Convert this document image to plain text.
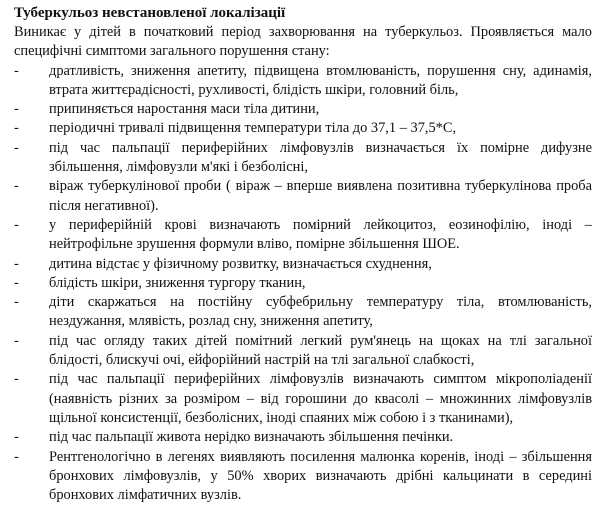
Туберкульоз невстановленої локалізації

Виникає у дітей в початковий період захворювання на туберкульоз. Проявляється мало специфічні симптоми загального порушення стану:

- дратливість, зниження апетиту, підвищена втомлюваність, порушення сну, адинамія, втрата життєрадісності, рухливості, блідість шкіри, головний біль,
- припиняється наростання маси тіла дитини,
- періодичні тривалі підвищення температури тіла до 37,1 – 37,5*С,
- під час пальпації периферійних лімфовузлів визначається їх помірне дифузне збільшення, лімфовузли м'які і безболісні,
- віраж туберкулінової проби ( віраж – вперше виявлена позитивна туберкулінова проба після негативної).
- у периферійній крові визначають помірний лейкоцитоз, еозинофілію, іноді – нейтрофільне зрушення формули вліво, помірне збільшення ШОЕ.
- дитина відстає у фізичному розвитку, визначається схуднення,
- блідість шкіри, зниження тургору тканин,
- діти скаржаться на постійну субфебрильну температуру тіла, втомлюваність, нездужання, млявість, розлад сну, зниження апетиту,
- під час огляду таких дітей помітний легкий рум'янець на щоках на тлі загальної блідості, блискучі очі, ейфорійний настрій на тлі загальної слабкості,
- під час пальпації периферійних лімфовузлів визначають симптом мікрополіаденії (наявність різних за розміром – від горошини до квасолі – множинних лімфовузлів щільної консистенції, безболісних, іноді спаяних між собою і з тканинами),
- під час пальпації живота нерідко визначають збільшення печінки.
- Рентгенологічно в легенях виявляють посилення малюнка коренів, іноді – збільшення бронхових лімфовузлів, у 50% хворих визначають дрібні кальцинати в середині бронхових лімфатичних вузлів.
